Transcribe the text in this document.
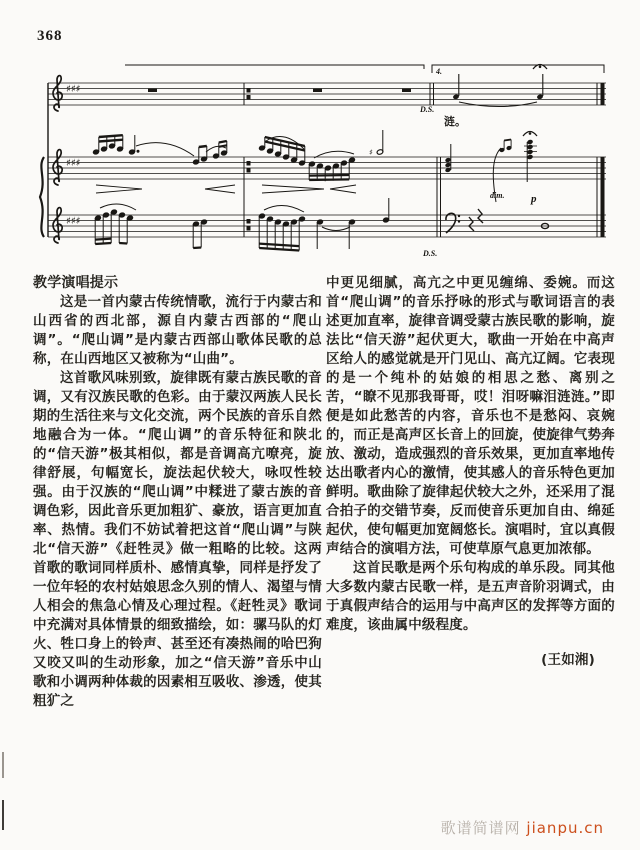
368
♯♯♯
♯♯♯
♯♯♯
4.
D.S.
涟。
♯
dim. p
D.S.
教学演唱提示

这是一首内蒙古传统情歌，流行于内蒙古和山西省的西北部，源自内蒙古西部的“爬山调”。“爬山调”是内蒙古西部山歌体民歌的总称，在山西地区又被称为“山曲”。

这首歌风味别致，旋律既有蒙古族民歌的音调，又有汉族民歌的色彩。由于蒙汉两族人民长期的生活往来与文化交流，两个民族的音乐自然地融合为一体。“爬山调”的音乐特征和陕北的“信天游”极其相似，都是音调高亢嘹亮，旋律舒展，句幅宽长，旋法起伏较大，咏叹性较强。由于汉族的“爬山调”中糅进了蒙古族的音调色彩，因此音乐更加粗犷、豪放，语言更加直率、热情。我们不妨试着把这首“爬山调”与陕北“信天游”《赶牲灵》做一粗略的比较。这两首歌的歌词同样质朴、感情真挚，同样是抒发了一位年轻的农村姑娘思念久别的情人、渴望与情人相会的焦急心情及心理过程。《赶牲灵》歌词中充满对具体情景的细致描绘，如：骡马队的灯火、牲口身上的铃声、甚至还有凑热闹的哈巴狗又咬又叫的生动形象，加之“信天游”音乐中山歌和小调两种体裁的因素相互吸收、渗透，使其粗犷之

中更见细腻，高亢之中更见缠绵、委婉。而这首“爬山调”的音乐抒咏的形式与歌词语言的表述更加直率，旋律音调受蒙古族民歌的影响，旋法比“信天游”起伏更大，歌曲一开始在中高声区给人的感觉就是开门见山、高亢辽阔。它表现的是一个纯朴的姑娘的相思之愁、离别之苦，“瞭不见那我哥哥，哎！泪呀嘛泪涟涟。”即便是如此愁苦的内容，音乐也不是愁闷、哀婉的，而正是高声区长音上的回旋，使旋律气势奔放、激动，造成强烈的音乐效果，更加直率地传达出歌者内心的激情，使其感人的音乐特色更加鲜明。歌曲除了旋律起伏较大之外，还采用了混合拍子的交错节奏，反而使音乐更加自由、绵延起伏，使句幅更加宽阔悠长。演唱时，宜以真假声结合的演唱方法，可使草原气息更加浓郁。

这首民歌是两个乐句构成的单乐段。同其他大多数内蒙古民歌一样，是五声音阶羽调式，由于真假声结合的运用与中高声区的发挥等方面的难度，该曲属中级程度。

(王如湘)

歌谱简谱网 jianpu.cn
